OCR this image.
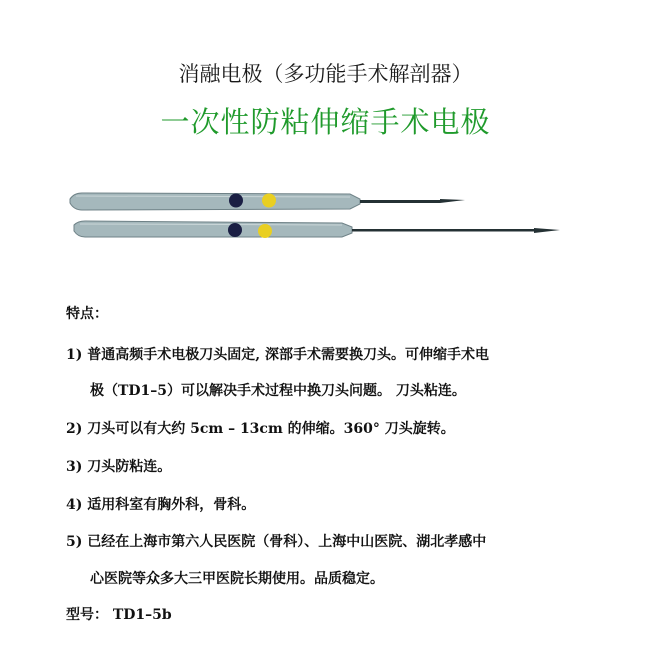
消融电极（多功能手术解剖器）
一次性防粘伸缩手术电极
特点：
1) 普通高频手术电极刀头固定, 深部手术需要换刀头。可伸缩手术电
极（TD1–5）可以解决手术过程中换刀头问题。 刀头粘连。
2) 刀头可以有大约 5cm – 13cm 的伸缩。360° 刀头旋转。
3) 刀头防粘连。
4) 适用科室有胸外科，骨科。
5) 已经在上海市第六人民医院（骨科）、上海中山医院、湖北孝感中
心医院等众多大三甲医院长期使用。品质稳定。
型号： TD1–5b
